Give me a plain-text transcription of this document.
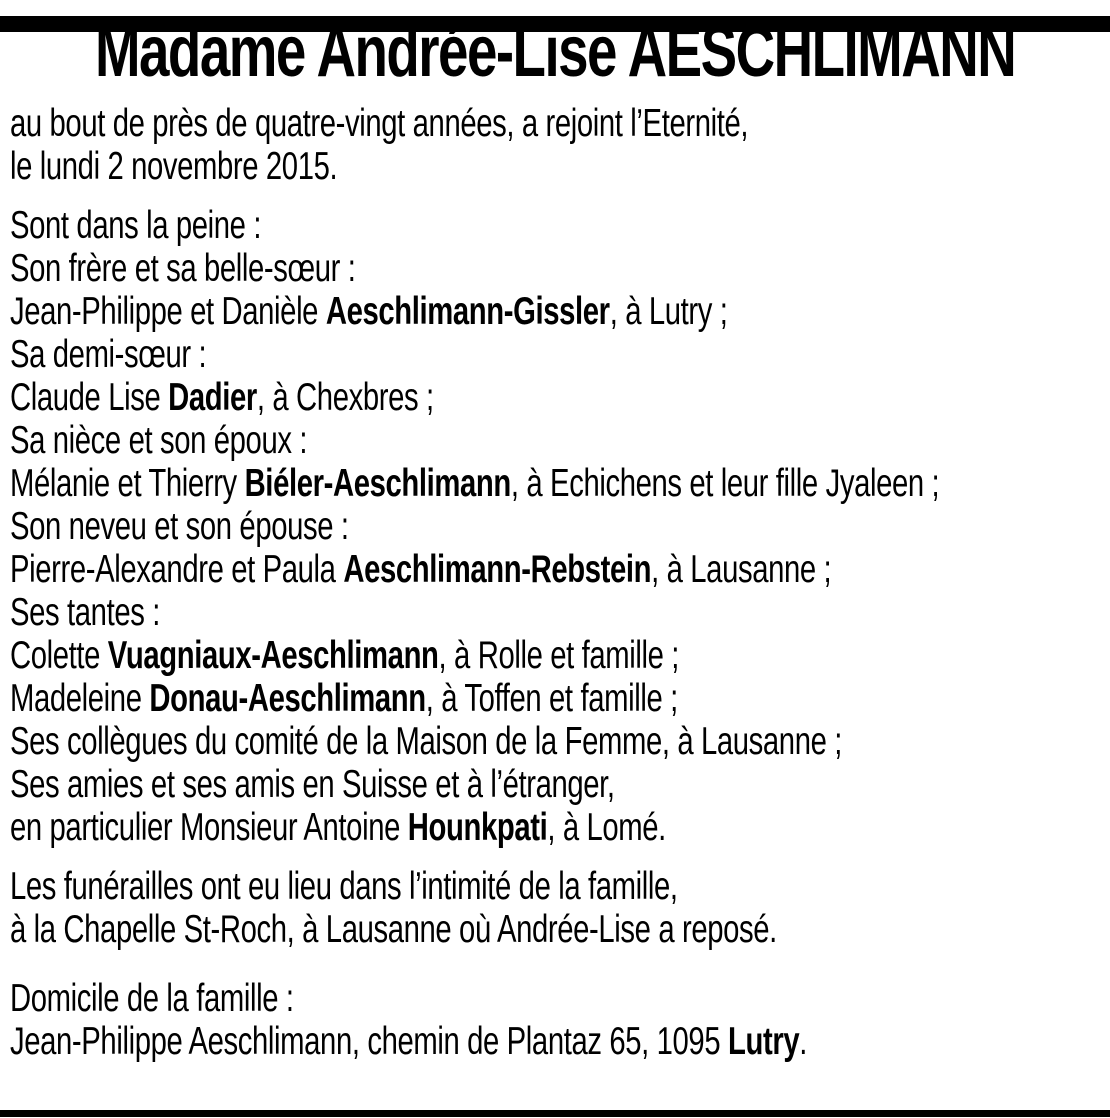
Madame Andrée-Lise AESCHLIMANN

au bout de près de quatre-vingt années, a rejoint l’Eternité,
le lundi 2 novembre 2015.

Sont dans la peine :
Son frère et sa belle-sœur :
Jean-Philippe et Danièle Aeschlimann-Gissler, à Lutry ;
Sa demi-sœur :
Claude Lise Dadier, à Chexbres ;
Sa nièce et son époux :
Mélanie et Thierry Biéler-Aeschlimann, à Echichens et leur fille Jyaleen ;
Son neveu et son épouse :
Pierre-Alexandre et Paula Aeschlimann-Rebstein, à Lausanne ;
Ses tantes :
Colette Vuagniaux-Aeschlimann, à Rolle et famille ;
Madeleine Donau-Aeschlimann, à Toffen et famille ;
Ses collègues du comité de la Maison de la Femme, à Lausanne ;
Ses amies et ses amis en Suisse et à l’étranger,
en particulier Monsieur Antoine Hounkpati, à Lomé.

Les funérailles ont eu lieu dans l’intimité de la famille,
à la Chapelle St-Roch, à Lausanne où Andrée-Lise a reposé.

Domicile de la famille :
Jean-Philippe Aeschlimann, chemin de Plantaz 65, 1095 Lutry.
